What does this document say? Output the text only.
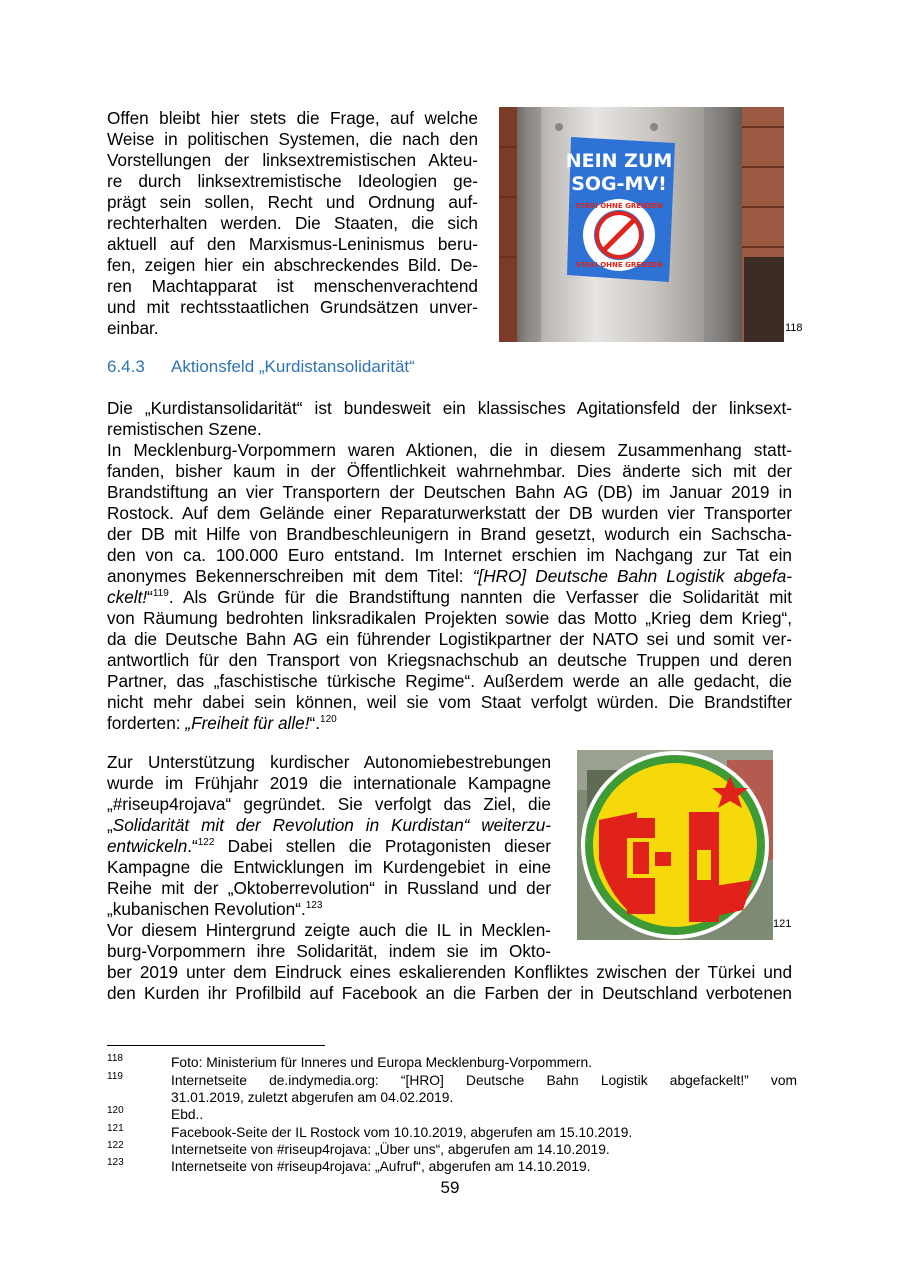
Offen bleibt hier stets die Frage, auf welche
Weise in politischen Systemen, die nach den
Vorstellungen der linksextremistischen Akteu-
re durch linksextremistische Ideologien ge-
prägt sein sollen, Recht und Ordnung auf-
rechterhalten werden. Die Staaten, die sich
aktuell auf den Marxismus-Leninismus beru-
fen, zeigen hier ein abschreckendes Bild. De-
ren Machtapparat ist menschenverachtend
und mit rechtsstaatlichen Grundsätzen unver-
einbar.
NEIN ZUM
SOG-MV!
STASI OHNE GRENZEN
STASI OHNE GRENZEN
118
6.4.3 Aktionsfeld „Kurdistansolidarität“
Die „Kurdistansolidarität“ ist bundesweit ein klassisches Agitationsfeld der linksext-
remistischen Szene.
In Mecklenburg-Vorpommern waren Aktionen, die in diesem Zusammenhang statt-
fanden, bisher kaum in der Öffentlichkeit wahrnehmbar. Dies änderte sich mit der
Brandstiftung an vier Transportern der Deutschen Bahn AG (DB) im Januar 2019 in
Rostock. Auf dem Gelände einer Reparaturwerkstatt der DB wurden vier Transporter
der DB mit Hilfe von Brandbeschleunigern in Brand gesetzt, wodurch ein Sachscha-
den von ca. 100.000 Euro entstand. Im Internet erschien im Nachgang zur Tat ein
anonymes Bekennerschreiben mit dem Titel: “[HRO] Deutsche Bahn Logistik abgefa-
ckelt!“$^{119}$. Als Gründe für die Brandstiftung nannten die Verfasser die Solidarität mit
von Räumung bedrohten linksradikalen Projekten sowie das Motto „Krieg dem Krieg“,
da die Deutsche Bahn AG ein führender Logistikpartner der NATO sei und somit ver-
antwortlich für den Transport von Kriegsnachschub an deutsche Truppen und deren
Partner, das „faschistische türkische Regime“. Außerdem werde an alle gedacht, die
nicht mehr dabei sein können, weil sie vom Staat verfolgt würden. Die Brandstifter
forderten: „Freiheit für alle!“.$^{120}$
Zur Unterstützung kurdischer Autonomiebestrebungen
wurde im Frühjahr 2019 die internationale Kampagne
„#riseup4rojava“ gegründet. Sie verfolgt das Ziel, die
„Solidarität mit der Revolution in Kurdistan“ weiterzu-
entwickeln.“$^{122}$ Dabei stellen die Protagonisten dieser
Kampagne die Entwicklungen im Kurdengebiet in eine
Reihe mit der „Oktoberrevolution“ in Russland und der
„kubanischen Revolution“.$^{123}$
Vor diesem Hintergrund zeigte auch die IL in Mecklen-
burg-Vorpommern ihre Solidarität, indem sie im Okto-
ber 2019 unter dem Eindruck eines eskalierenden Konfliktes zwischen der Türkei und
den Kurden ihr Profilbild auf Facebook an die Farben der in Deutschland verbotenen
121
118	Foto: Ministerium für Inneres und Europa Mecklenburg-Vorpommern.
119	Internetseite de.indymedia.org: “[HRO] Deutsche Bahn Logistik abgefackelt!” vom
31.01.2019, zuletzt abgerufen am 04.02.2019.
120	Ebd..
121	Facebook-Seite der IL Rostock vom 10.10.2019, abgerufen am 15.10.2019.
122	Internetseite von #riseup4rojava: „Über uns“, abgerufen am 14.10.2019.
123	Internetseite von #riseup4rojava: „Aufruf“, abgerufen am 14.10.2019.
59
